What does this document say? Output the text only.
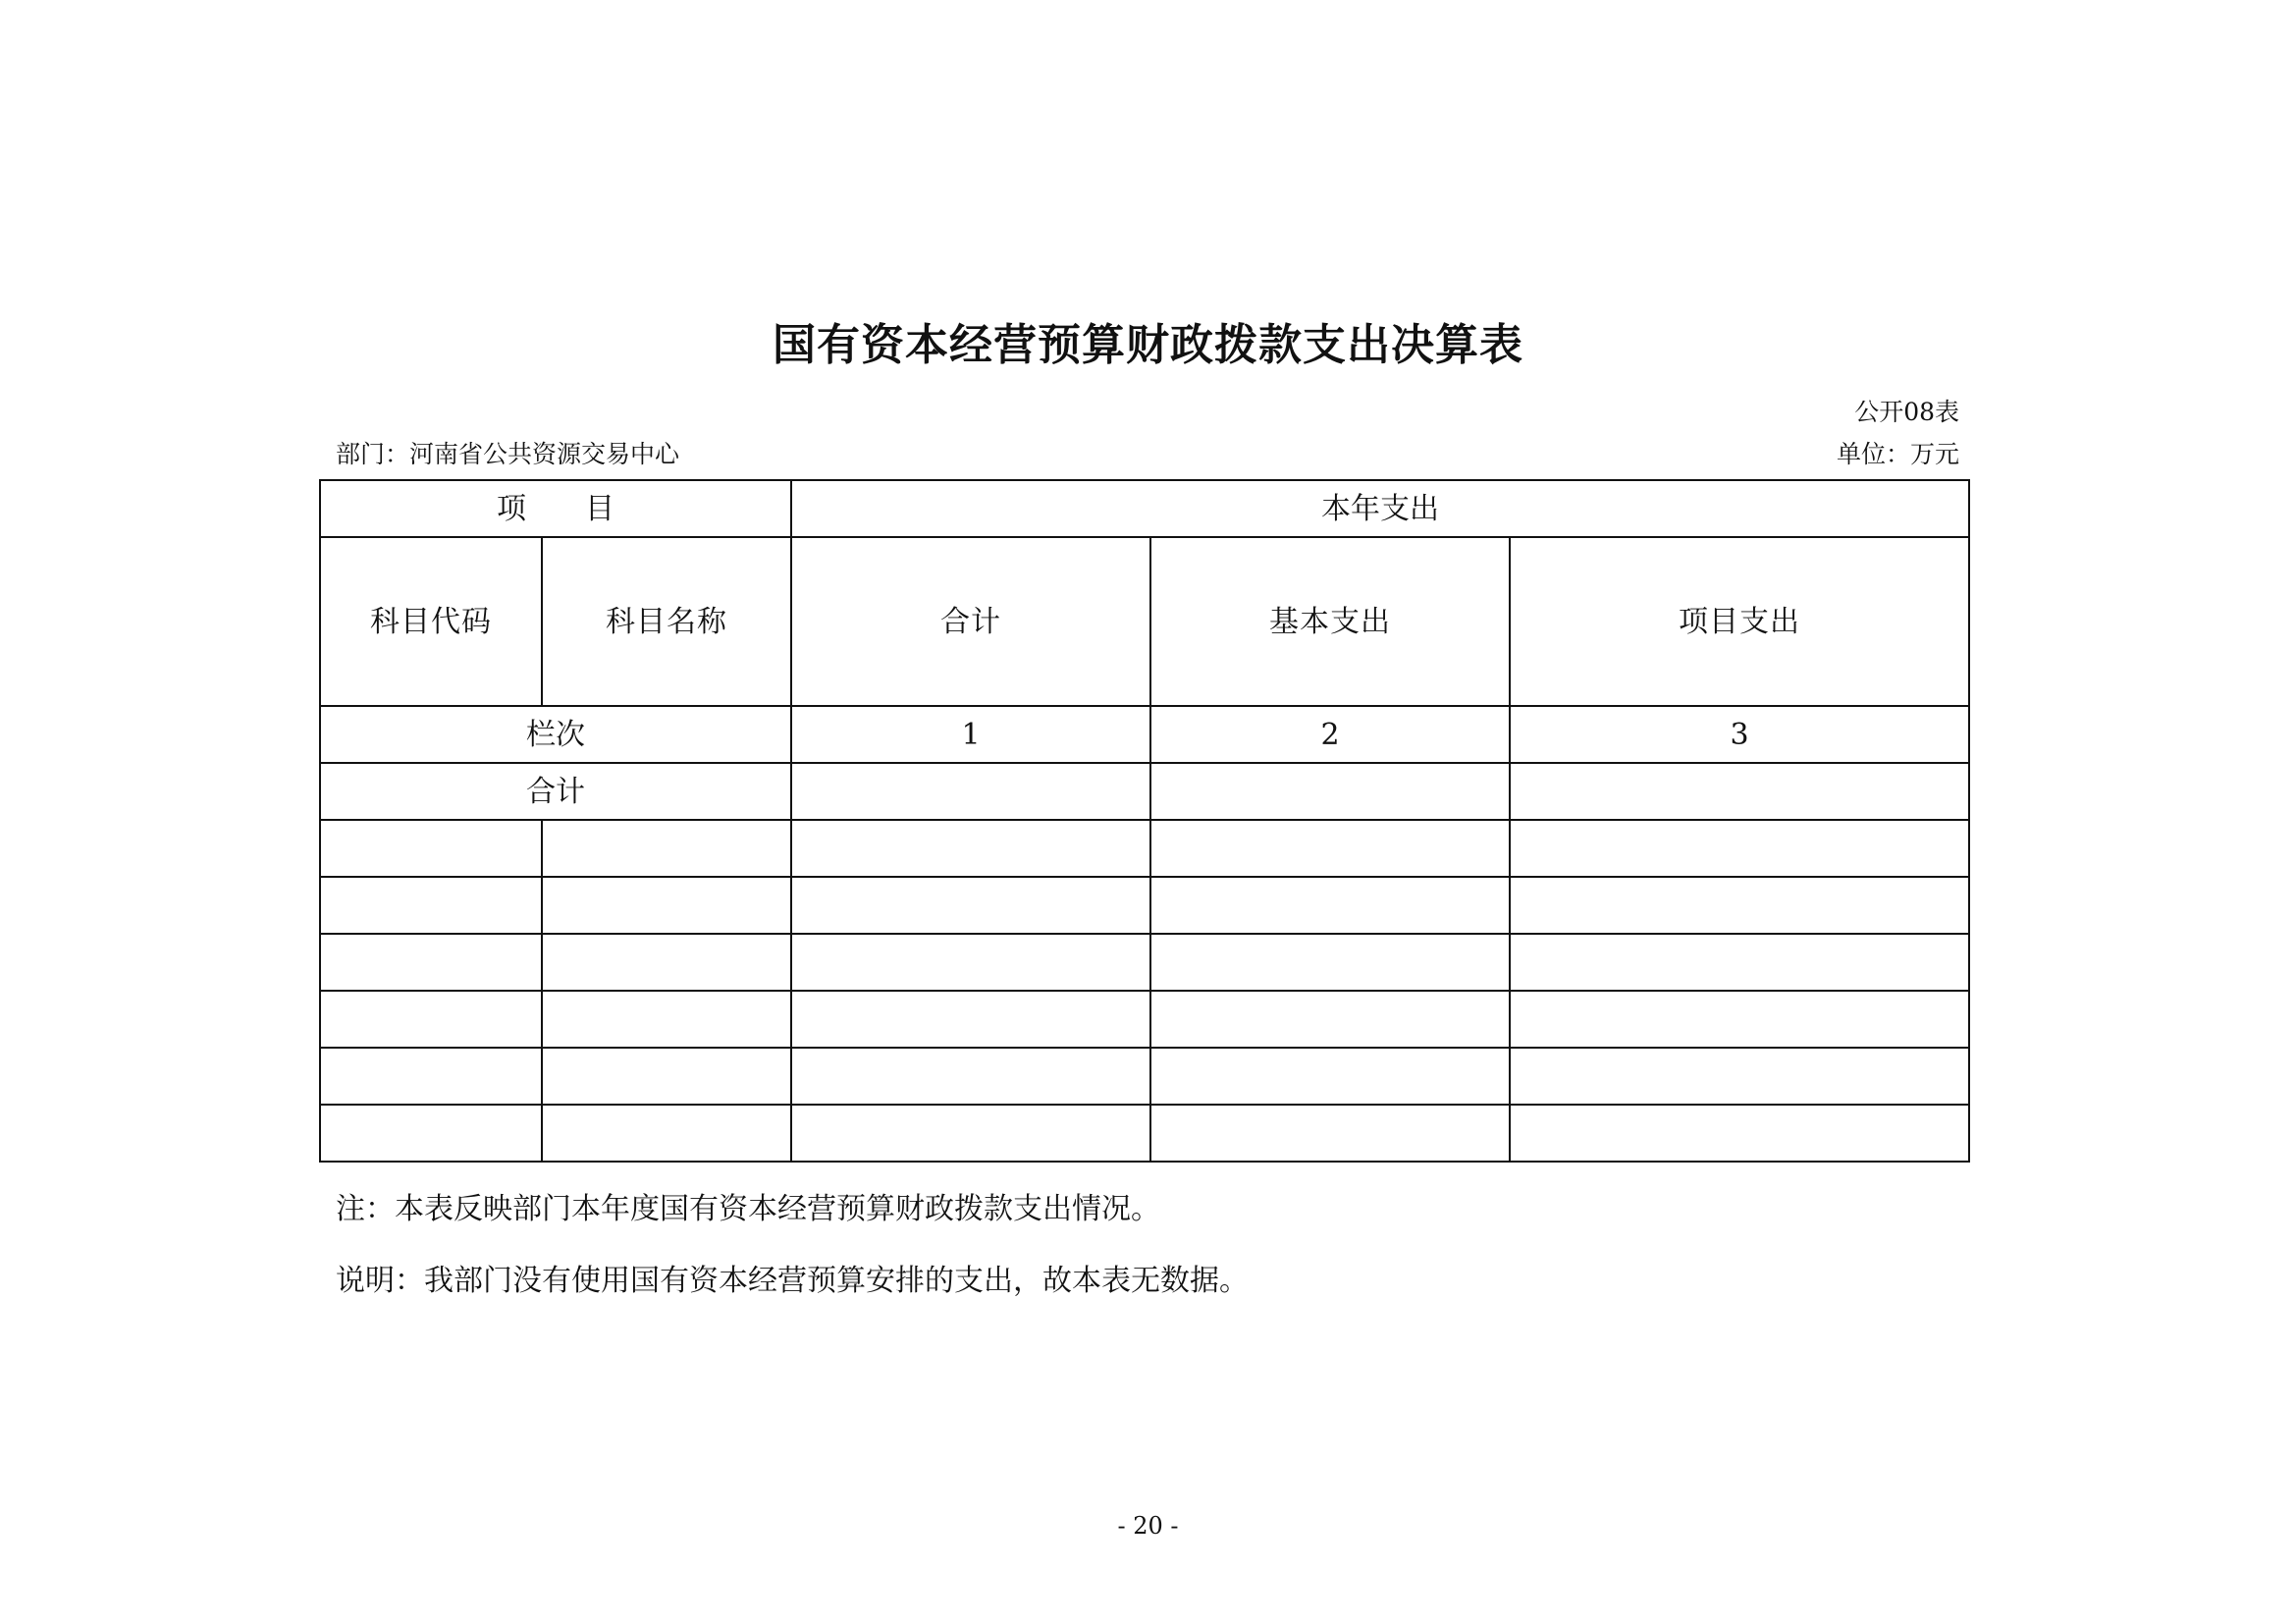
国有资本经营预算财政拨款支出决算表
公开08表
部门：河南省公共资源交易中心	单位：万元
项　　目		本年支出		
科目代码	科目名称	合计	基本支出	项目支出
栏次		1	2	3
合计				

注：本表反映部门本年度国有资本经营预算财政拨款支出情况。
说明：我部门没有使用国有资本经营预算安排的支出，故本表无数据。
- 20 -
